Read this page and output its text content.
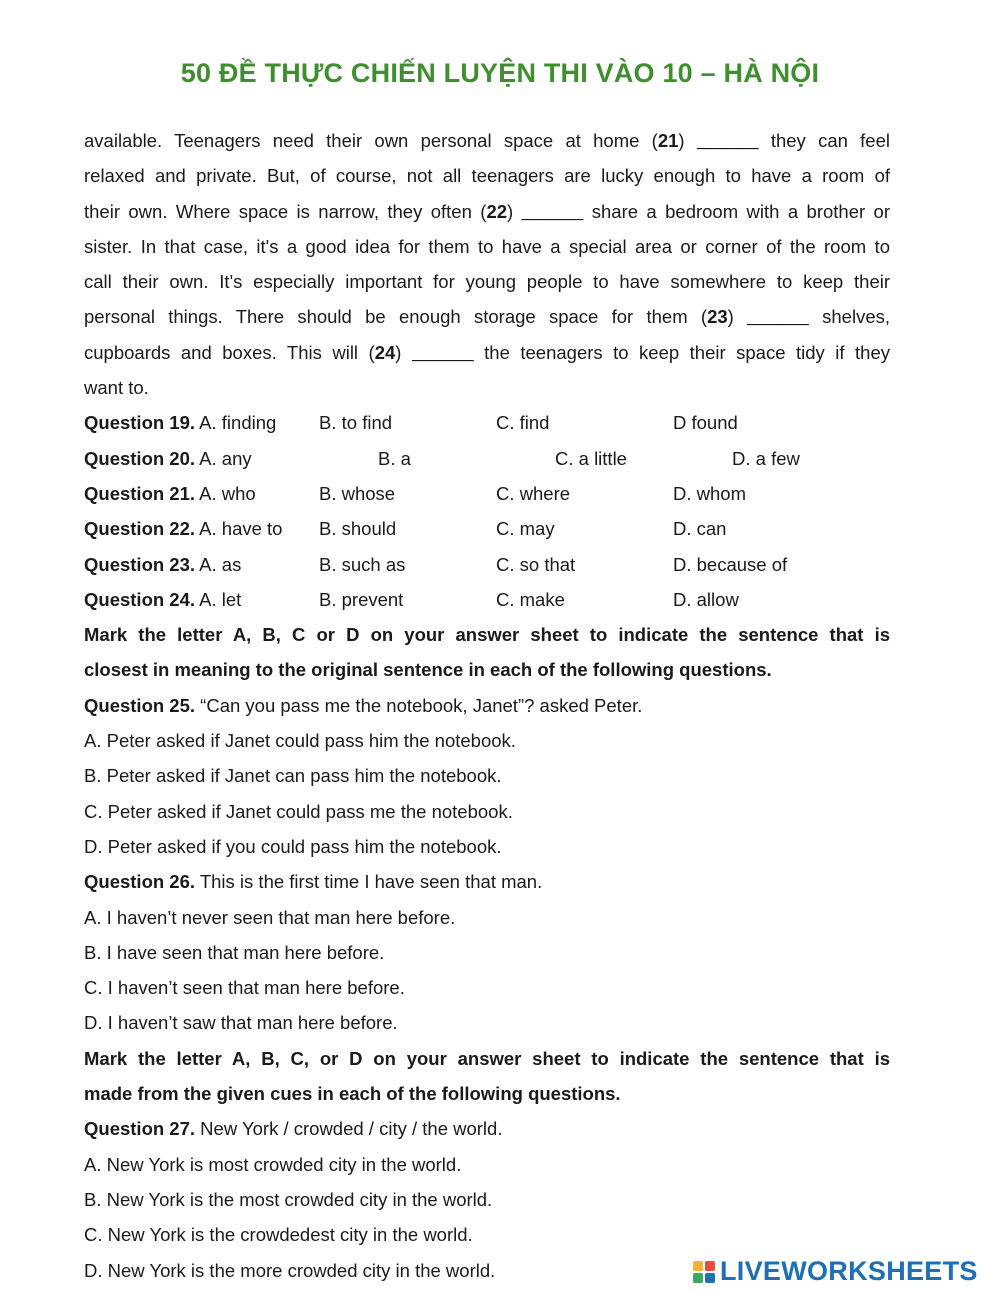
50 ĐỀ THỰC CHIẾN LUYỆN THI VÀO 10 – HÀ NỘI
available. Teenagers need their own personal space at home (21) ______ they can feel
relaxed and private. But, of course, not all teenagers are lucky enough to have a room of
their own. Where space is narrow, they often (22) ______ share a bedroom with a brother or
sister. In that case, it's a good idea for them to have a special area or corner of the room to
call their own. It's especially important for young people to have somewhere to keep their
personal things. There should be enough storage space for them (23) ______ shelves,
cupboards and boxes. This will (24) ______ the teenagers to keep their space tidy if they
want to.
Question 19. A. finding B. to find	C. find	D found
Question 20. A. any	B. a	C. a little	D. a few
Question 21. A. who	B. whose	C. where	D. whom
Question 22. A. have to B. should	C. may	D. can
Question 23. A. as	B. such as	C. so that	D. because of
Question 24. A. let	B. prevent	C. make	D. allow
Mark the letter A, B, C or D on your answer sheet to indicate the sentence that is
closest in meaning to the original sentence in each of the following questions.
Question 25. “Can you pass me the notebook, Janet”? asked Peter.
A. Peter asked if Janet could pass him the notebook.
B. Peter asked if Janet can pass him the notebook.
C. Peter asked if Janet could pass me the notebook.
D. Peter asked if you could pass him the notebook.
Question 26. This is the first time I have seen that man.
A. I haven’t never seen that man here before.
B. I have seen that man here before.
C. I haven’t seen that man here before.
D. I haven’t saw that man here before.
Mark the letter A, B, C, or D on your answer sheet to indicate the sentence that is
made from the given cues in each of the following questions.
Question 27. New York / crowded / city / the world.
A. New York is most crowded city in the world.
B. New York is the most crowded city in the world.
C. New York is the crowdedest city in the world.
D. New York is the more crowded city in the world.	LIVEWORKSHEETS
